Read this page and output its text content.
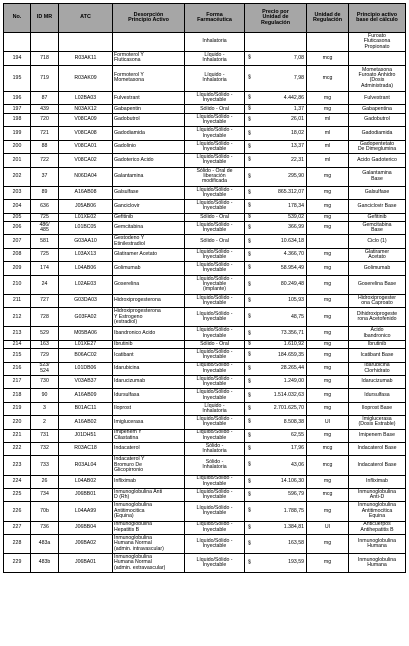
No.	ID MR	ATC	Desorpción
Principio Activo	Forma
Farmacéutica	Precio por
Unidad de
Regulación	Unidad de
Regulación	Principio activo
base del cálculo
				Inhalatoria			Furoato
Fluticasona
Propionato
194	718	R03AK11	Formoterol Y
Fluticasona	Líquido -
Inhalatoria	$ 7,08	mcg	
195	719	R03AK09	Formoterol Y
Mometasona	Líquido -
Inhalatoria	$ 7,98	mcg	Mometasona
Furoato Anhidro
(Dosis
Administrada)
196	87	L02BA03	Fulvestrant	Líquido/Sólido -
Inyectable	$ 4.442,86	mg	Fulvestrant
197	439	N03AX12	Gabapentin	Sólido - Oral	$ 1,37	mg	Gabapentina
198	720	V08CA09	Gadobutrol	Líquido/Sólido -
Inyectable	$ 26,01	ml	Gadobutrol
199	721	V08CA08	Gadodiamida	Líquido/Sólido -
Inyectable	$ 18,02	ml	Gadodiamida
200	88	V08CA01	Gadolinio	Líquido/Sólido -
Inyectable	$ 13,37	ml	Gadopentetato
De Dimeglumina
201	722	V08CA02	Gadoterico Acido	Líquido/Sólido -
Inyectable	$ 22,31	ml	Acido Gadoterico
202	37	N06DA04	Galantamina	Sólido - Oral de
liberación
modificada	$ 295,90	mg	Galantamina
Base
203	89	A16AB08	Galsulfase	Líquido/Sólido -
Inyectable	$ 865.312,07	mg	Galsulfase
204	636	J05AB06	Ganciclovir	Líquido/Sólido -
Inyectable	$ 178,34	mg	Ganciclovir Base
205	725	L01XE02	Gefitinib	Sólido - Oral	$ 539,02	mg	Gefitinib
206	486/
485	L01BC05	Gemcitabina	Líquido/Sólido -
Inyectable	$ 366,99	mg	Gemcitabina
Base
207	581	G03AA10	Gestodeno Y
Etinilestradiol	Sólido - Oral	$ 10.634,18		Ciclo (1)
208	725	L03AX13	Glatiramer Acetato	Líquido/Sólido -
Inyectable	$ 4.366,70	mg	Glatiramer
Acetato
209	174	L04AB06	Golimumab	Líquido/Sólido -
Inyectable	$ 58.954,49	mg	Golimumab
210	24	L02AE03	Goserelina	Líquido/Sólido -
Inyectable
(implante)	$ 80.249,48	mg	Goserelina Base
211	727	G03DA03	Hidroxiprogesterona	Líquido/Sólido -
Inyectable	$ 105,93	mg	Hidroxiprogester
ona Caproato
212	728	G03FA02	Hidroxiprogesterona
Y Estrogeno
(estradiol)	Líquido/Sólido -
Inyectable	$ 48,75	mg	Dihidroxiprogeste
rona Acetofenido
213	529	M05BA06	Ibandronico Acido	Líquido/Sólido -
Inyectable	$ 73.356,71	mg	Acido
Ibandronico
214	163	L01XE27	Ibrutinib	Sólido - Oral	$ 1.610,92	mg	Ibrutinib
215	729	B06AC02	Icatibant	Líquido/Sólido -
Inyectable	$ 184.659,35	mg	Icatibant Base
216	523/
524	L01DB06	Idarubicina	Líquido/Sólido -
Inyectable	$ 28.265,44	mg	Idarubicina
Clorhidrato
217	730	V03AB37	Idarucizumab	Líquido/Sólido -
Inyectable	$ 1.249,00	mg	Idarucizumab
218	90	A16AB09	Idursulfasa	Líquido/Sólido -
Inyectable	$ 1.514.032,63	mg	Idursulfasa
219	3	B01AC11	Iloprost	Líquido -
Inhalatoria	$ 2.701.625,70	mg	Iloprost Base
220	2	A16AB02	Imiglucerasa	Líquido/Sólido -
Inyectable	$ 8.508,38	UI	Imiglucerasa
(Dosis Estrable)
221	731	J01DH51	Imipenem Y
Cilastatina	Líquido/Sólido -
Inyectable	$ 62,55	mg	Imipenem Base
222	732	R03AC18	Indacaterol	Sólido -
Inhalatoria	$ 17,96	mcg	Indacaterol Base
223	733	R03AL04	Indacaterol Y
Bromuro De
Glicopirronio	Sólido -
Inhalatoria	$ 43,06	mcg	Indacaterol Base
224	26	L04AB02	Infliximab	Líquido/Sólido -
Inyectable	$ 14.106,30	mg	Infliximab
225	734	J06BB01	Inmunoglobulina Anti
D (Rh)	Líquido/Sólido -
Inyectable	$ 596,79	mcg	Inmunoglobulina
Anti-D
226	70b	L04AA99	Inmunoglobulina
Antitimocitica
(Equina)	Líquido/Sólido -
Inyectable	$ 1.788,75	mg	Inmunoglobulina
Antitimocitica
Equina
227	736	J06BB04	Inmunoglobulina
Hepatitis B	Líquido/Sólido -
Inyectable	$ 1.384,81	UI	Anticuerpos
Antihepatitis B
228	483a	J06BA02	Inmunoglobulina
Humana Normal
(admin. intravascular)	Líquido/Sólido -
Inyectable	$ 163,58	mg	Inmunoglobulina
Humana
229	483b	J06BA01	Inmunoglobulina
Humana Normal
(admin. extravascular)	Líquido/Sólido -
Inyectable	$ 193,59	mg	Inmunoglobulina
Humana
